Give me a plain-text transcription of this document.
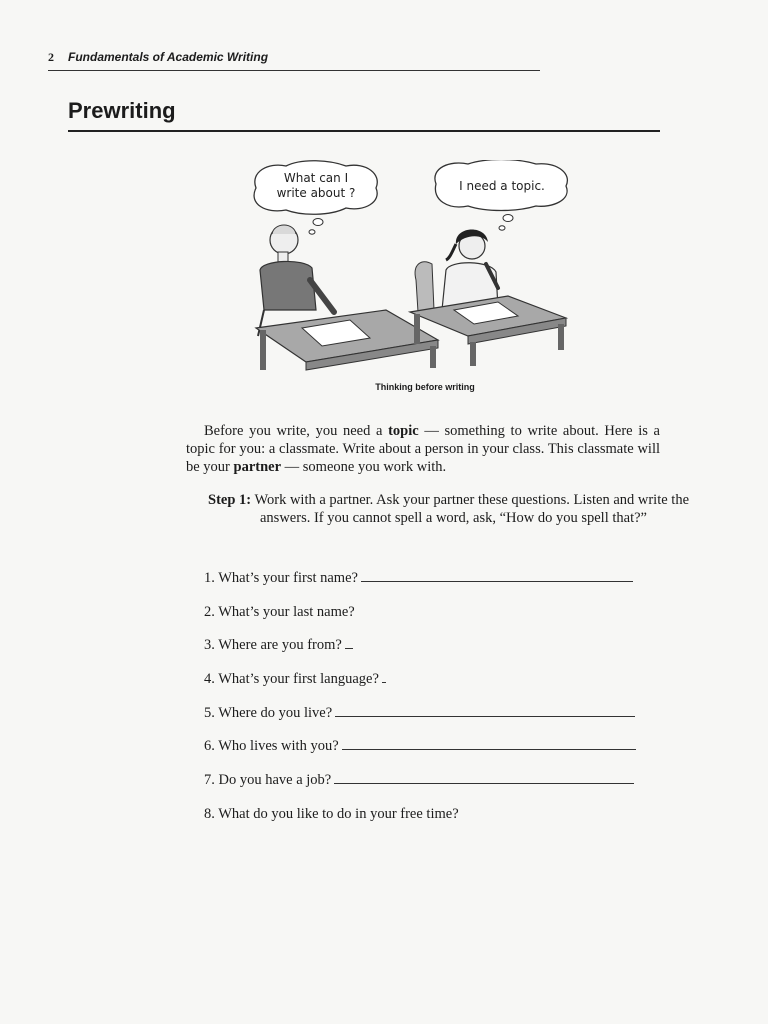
2 Fundamentals of Academic Writing
Prewriting
What can I
write about ?	I need a topic.
Thinking before writing

Before you write, you need a topic — something to write about. Here is a topic for you: a classmate. Write about a person in your class. This classmate will be your partner — someone you work with.

Step 1: Work with a partner. Ask your partner these questions. Listen and write the answers. If you cannot spell a word, ask, “How do you spell that?”

1. What’s your first name?
2. What’s your last name?
3. Where are you from?
4. What’s your first language?
5. Where do you live?
6. Who lives with you?
7. Do you have a job?
8. What do you like to do in your free time?
